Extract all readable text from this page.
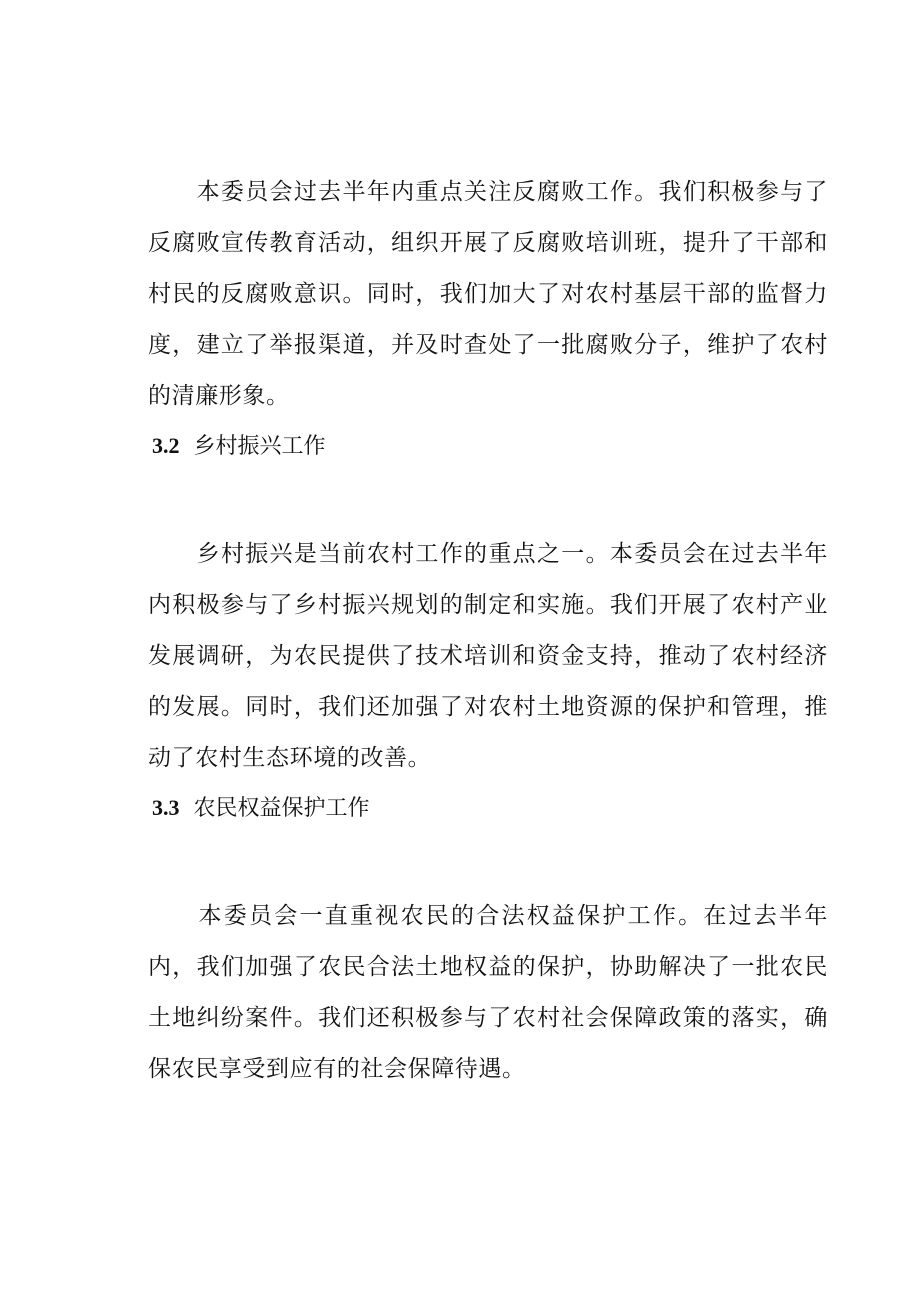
　　本委员会过去半年内重点关注反腐败工作。我们积极参与了反腐败宣传教育活动，组织开展了反腐败培训班，提升了干部和村民的反腐败意识。同时，我们加大了对农村基层干部的监督力度，建立了举报渠道，并及时查处了一批腐败分子，维护了农村的清廉形象。

3.2 乡村振兴工作

　　乡村振兴是当前农村工作的重点之一。本委员会在过去半年内积极参与了乡村振兴规划的制定和实施。我们开展了农村产业发展调研，为农民提供了技术培训和资金支持，推动了农村经济的发展。同时，我们还加强了对农村土地资源的保护和管理，推动了农村生态环境的改善。

3.3 农民权益保护工作

　　本委员会一直重视农民的合法权益保护工作。在过去半年内，我们加强了农民合法土地权益的保护，协助解决了一批农民土地纠纷案件。我们还积极参与了农村社会保障政策的落实，确保农民享受到应有的社会保障待遇。
